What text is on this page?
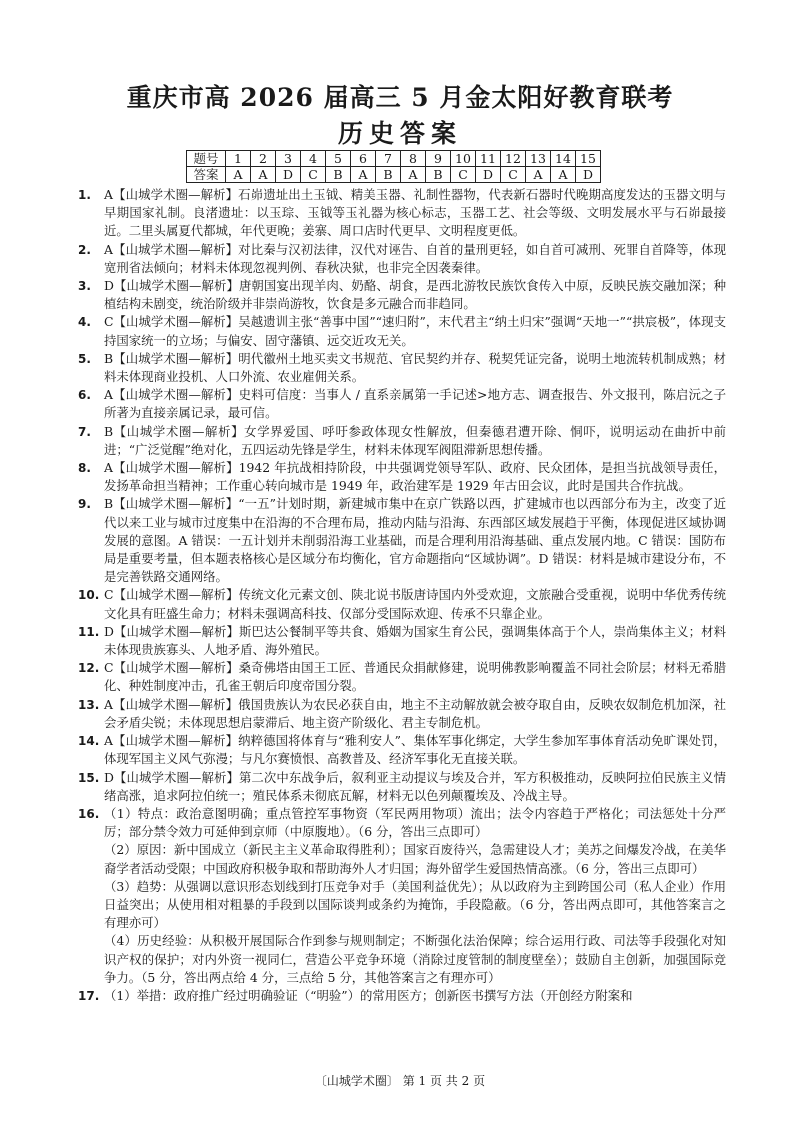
重庆市高 2026 届高三 5 月金太阳好教育联考
历史答案
题号	1	2	3	4	5	6	7	8	9	10	11	12	13	14	15
答案	A	A	D	C	B	A	B	A	B	C	D	C	A	A	D
1. A【山城学术圈—解析】石峁遗址出土玉钺、精美玉器、礼制性器物，代表新石器时代晚期高度发达的玉器文明与早期国家礼制。良渚遗址：以玉琮、玉钺等玉礼器为核心标志，玉器工艺、社会等级、文明发展水平与石峁最接近。二里头属夏代都城，年代更晚；姜寨、周口店时代更早、文明程度更低。
2. A【山城学术圈—解析】对比秦与汉初法律，汉代对诬告、自首的量刑更轻，如自首可减刑、死罪自首降等，体现宽刑省法倾向；材料未体现忽视判例、春秋决狱，也非完全因袭秦律。
3. D【山城学术圈—解析】唐朝国宴出现羊肉、奶酪、胡食，是西北游牧民族饮食传入中原，反映民族交融加深；种植结构未剧变，统治阶级并非崇尚游牧，饮食是多元融合而非趋同。
4. C【山城学术圈—解析】吴越遗训主张“善事中国”“速归附”，末代君主“纳土归宋”强调“天地一”“拱宸极”，体现支持国家统一的立场；与偏安、固守藩镇、远交近攻无关。
5. B【山城学术圈—解析】明代徽州土地买卖文书规范、官民契约并存、税契凭证完备，说明土地流转机制成熟；材料未体现商业投机、人口外流、农业雇佣关系。
6. A【山城学术圈—解析】史料可信度：当事人 / 直系亲属第一手记述>地方志、调查报告、外文报刊，陈启沅之子所著为直接亲属记录，最可信。
7. B【山城学术圈—解析】女学界爱国、呼吁参政体现女性解放，但秦德君遭开除、恫吓，说明运动在曲折中前进；“广泛觉醒”绝对化，五四运动先锋是学生，材料未体现军阀阻滞新思想传播。
8. A【山城学术圈—解析】1942 年抗战相持阶段，中共强调党领导军队、政府、民众团体，是担当抗战领导责任，发扬革命担当精神；工作重心转向城市是 1949 年，政治建军是 1929 年古田会议，此时是国共合作抗战。
9. B【山城学术圈—解析】“一五”计划时期，新建城市集中在京广铁路以西，扩建城市也以西部分布为主，改变了近代以来工业与城市过度集中在沿海的不合理布局，推动内陆与沿海、东西部区域发展趋于平衡，体现促进区域协调发展的意图。A 错误：一五计划并未削弱沿海工业基础，而是合理利用沿海基础、重点发展内地。C 错误：国防布局是重要考量，但本题表格核心是区域分布均衡化，官方命题指向“区域协调”。D 错误：材料是城市建设分布，不是完善铁路交通网络。
10. C【山城学术圈—解析】传统文化元素文创、陕北说书版唐诗国内外受欢迎，文旅融合受重视，说明中华优秀传统文化具有旺盛生命力；材料未强调高科技、仅部分受国际欢迎、传承不只靠企业。
11. D【山城学术圈—解析】斯巴达公餐制平等共食、婚姻为国家生育公民，强调集体高于个人，崇尚集体主义；材料未体现贵族寡头、人地矛盾、海外殖民。
12. C【山城学术圈—解析】桑奇佛塔由国王工匠、普通民众捐献修建，说明佛教影响覆盖不同社会阶层；材料无希腊化、种姓制度冲击，孔雀王朝后印度帝国分裂。
13. A【山城学术圈—解析】俄国贵族认为农民必获自由，地主不主动解放就会被夺取自由，反映农奴制危机加深，社会矛盾尖锐；未体现思想启蒙滞后、地主资产阶级化、君主专制危机。
14. A【山城学术圈—解析】纳粹德国将体育与“雅利安人”、集体军事化绑定，大学生参加军事体育活动免旷课处罚，体现军国主义风气弥漫；与凡尔赛愤恨、高教普及、经济军事化无直接关联。
15. D【山城学术圈—解析】第二次中东战争后，叙利亚主动提议与埃及合并，军方积极推动，反映阿拉伯民族主义情绪高涨，追求阿拉伯统一；殖民体系未彻底瓦解，材料无以色列颠覆埃及、冷战主导。
16. （1）特点：政治意图明确；重点管控军事物资（军民两用物项）流出；法令内容趋于严格化；司法惩处十分严厉；部分禁令效力可延伸到京师（中原腹地）。（6 分，答出三点即可）

（2）原因：新中国成立（新民主主义革命取得胜利）；国家百废待兴，急需建设人才；美苏之间爆发冷战，在美华裔学者活动受限；中国政府积极争取和帮助海外人才归国；海外留学生爱国热情高涨。（6 分，答出三点即可）

（3）趋势：从强调以意识形态划线到打压竞争对手（美国利益优先）；从以政府为主到跨国公司（私人企业）作用日益突出；从使用相对粗暴的手段到以国际谈判或条约为掩饰，手段隐蔽。（6 分，答出两点即可，其他答案言之有理亦可）

（4）历史经验：从积极开展国际合作到参与规则制定；不断强化法治保障；综合运用行政、司法等手段强化对知识产权的保护；对内外资一视同仁，营造公平竞争环境（消除过度管制的制度壁垒）；鼓励自主创新，加强国际竞争力。（5 分，答出两点给 4 分，三点给 5 分，其他答案言之有理亦可）

17. （1）举措：政府推广经过明确验证（“明验”）的常用医方；创新医书撰写方法（开创经方附案和

〔山城学术圈〕 第 1 页 共 2 页
